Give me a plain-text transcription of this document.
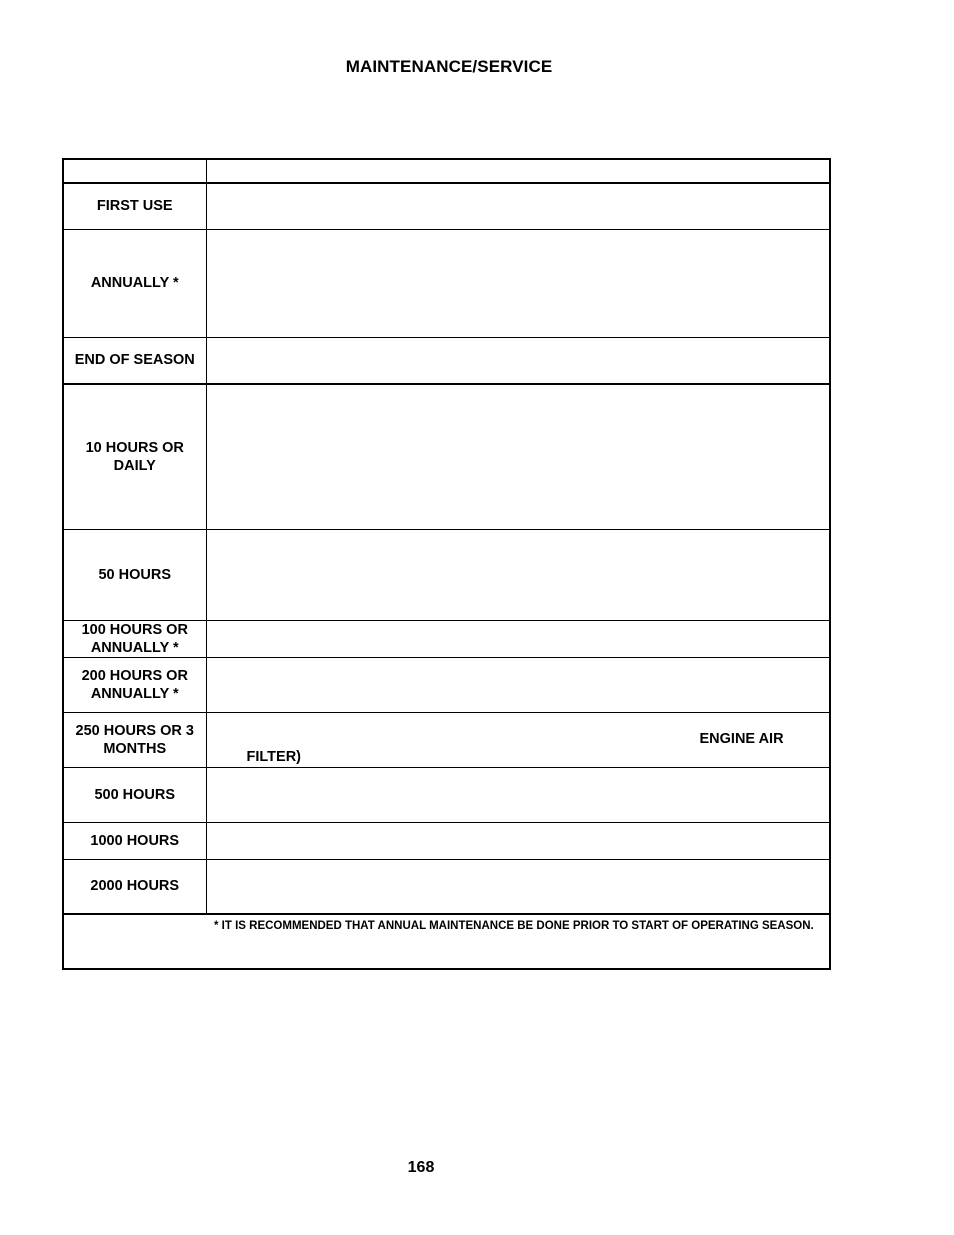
MAINTENANCE/SERVICE

FIRST USE	
ANNUALLY *	
END OF SEASON	
10 HOURS OR DAILY	
50 HOURS	
100 HOURS OR ANNUALLY *	
200 HOURS OR ANNUALLY *	
250 HOURS OR 3 MONTHS	ENGINE AIR
FILTER)

500 HOURS	
1000 HOURS	
2000 HOURS	
	* IT IS RECOMMENDED THAT ANNUAL MAINTENANCE BE DONE PRIOR TO START OF OPERATING SEASON.
168
